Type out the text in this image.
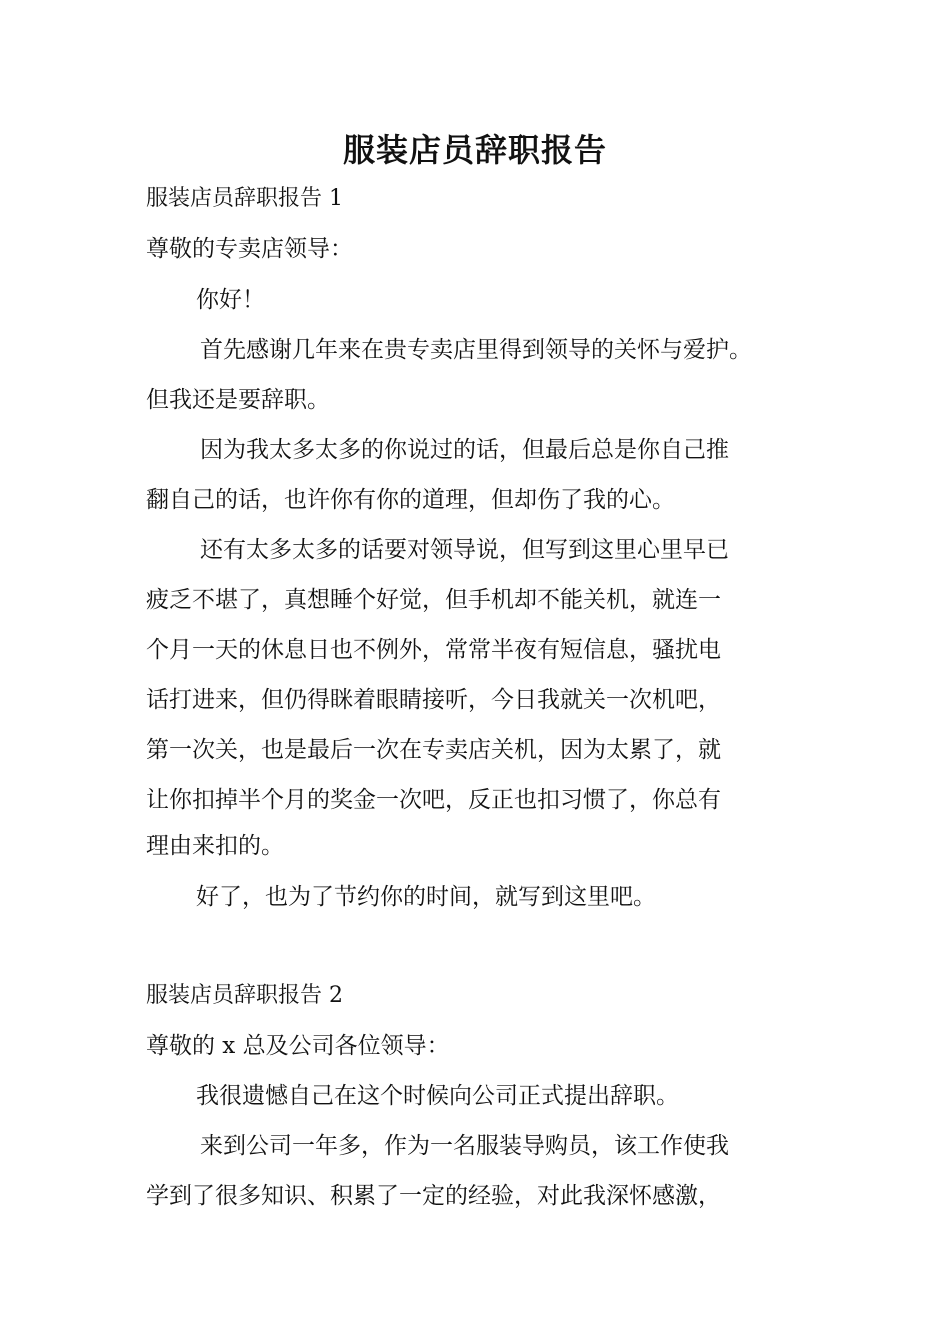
服装店员辞职报告

服装店员辞职报告 1

尊敬的专卖店领导：

你好！

首先感谢几年来在贵专卖店里得到领导的关怀与爱护。

但我还是要辞职。

因为我太多太多的你说过的话，但最后总是你自己推

翻自己的话，也许你有你的道理，但却伤了我的心。

还有太多太多的话要对领导说，但写到这里心里早已

疲乏不堪了，真想睡个好觉，但手机却不能关机，就连一

个月一天的休息日也不例外，常常半夜有短信息，骚扰电

话打进来，但仍得眯着眼睛接听，今日我就关一次机吧，

第一次关，也是最后一次在专卖店关机，因为太累了，就

让你扣掉半个月的奖金一次吧，反正也扣习惯了，你总有

理由来扣的。

好了，也为了节约你的时间，就写到这里吧。

服装店员辞职报告 2

尊敬的 x 总及公司各位领导：

我很遗憾自己在这个时候向公司正式提出辞职。

来到公司一年多，作为一名服装导购员，该工作使我

学到了很多知识、积累了一定的经验，对此我深怀感激，
